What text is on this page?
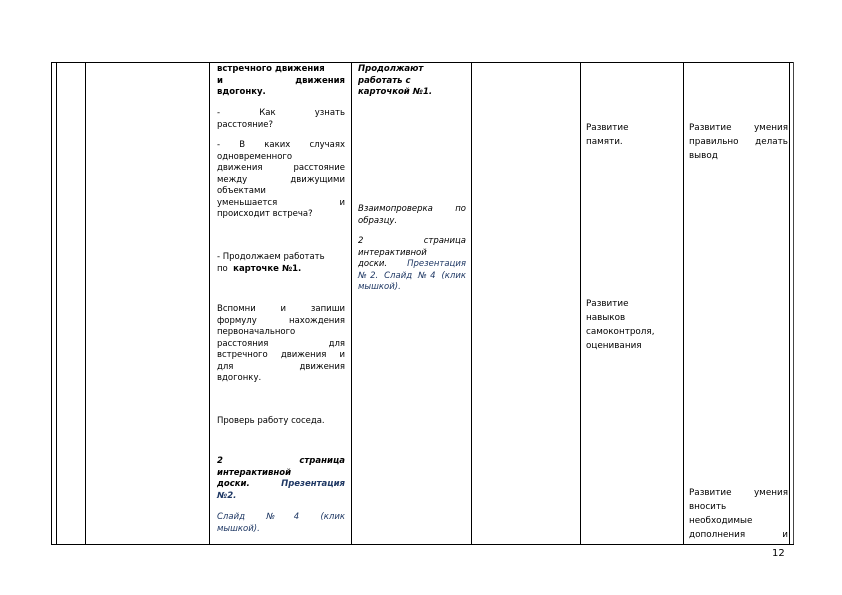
встречного движения

и движения

вдогонку.

- Как узнать

расстояние?

- В каких случаях

одновременного

движения расстояние

между движущими

объектами

уменьшается и

происходит встреча?

- Продолжаем работать

по карточке №1.

Вспомни и запиши

формулу нахождения

первоначального

расстояния для

встречного движения и

для движения

вдогонку.

Проверь работу соседа.

2 страница

интерактивной

доски.	Презентация

№2.

Слайд №4 (клик

мышкой).

Продолжают

работать с

карточкой №1.

Взаимопроверка по

образцу.

2 страница

интерактивной

доски. Презентация

№2. Слайд №4 (клик

мышкой).

Развитие

памяти.

Развитие

навыков

самоконтроля,

оценивания

Развитие умения

правильно делать

вывод

Развитие умения

вносить

необходимые

дополнения и

12
